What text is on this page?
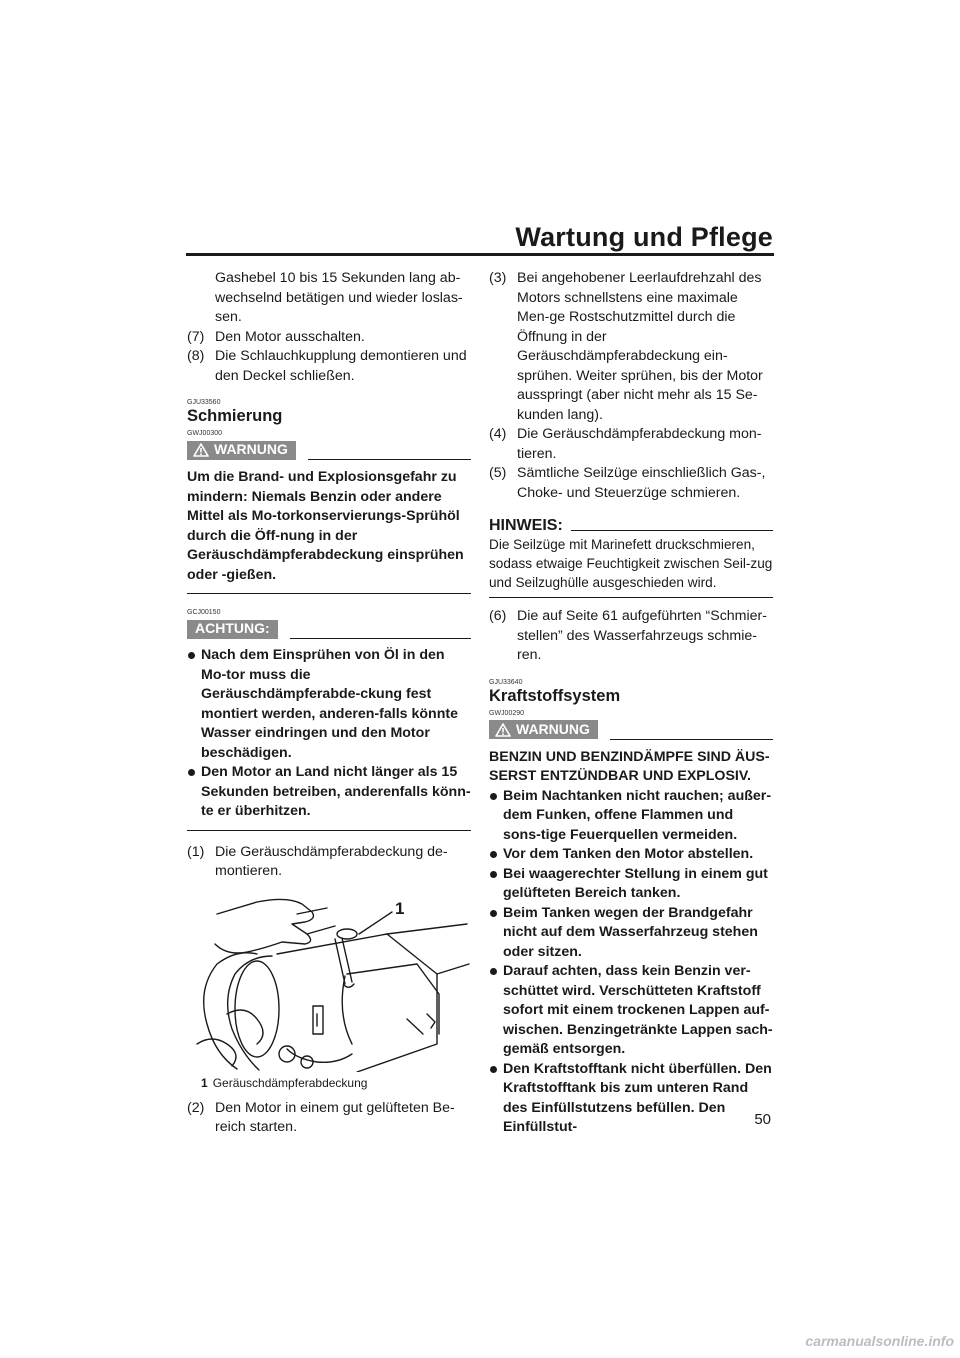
Wartung und Pflege

Gashebel 10 bis 15 Sekunden lang ab-wechselnd betätigen und wieder loslas-sen.

(7) Den Motor ausschalten.
(8) Die Schlauchkupplung demontieren und den Deckel schließen.
GJU33560
Schmierung
GWJ00300
WARNUNG

Um die Brand- und Explosionsgefahr zu mindern: Niemals Benzin oder andere Mittel als Mo-torkonservierungs-Sprühöl durch die Öff-nung in der Geräuschdämpferabdeckung einsprühen oder -gießen.

GCJ00150
ACHTUNG:

Nach dem Einsprühen von Öl in den Mo-tor muss die Geräuschdämpferabde-ckung fest montiert werden, anderen-falls könnte Wasser eindringen und den Motor beschädigen.

Den Motor an Land nicht länger als 15 Sekunden betreiben, anderenfalls könn-te er überhitzen.

(1) Die Geräuschdämpferabdeckung de-montieren.
1
1 Geräuschdämpferabdeckung
(2) Den Motor in einem gut gelüfteten Be-reich starten.
(3) Bei angehobener Leerlaufdrehzahl des Motors schnellstens eine maximale Men-ge Rostschutzmittel durch die Öffnung in der Geräuschdämpferabdeckung ein-sprühen. Weiter sprühen, bis der Motor ausspringt (aber nicht mehr als 15 Se-kunden lang).
(4) Die Geräuschdämpferabdeckung mon-tieren.
(5) Sämtliche Seilzüge einschließlich Gas-, Choke- und Steuerzüge schmieren.
HINWEIS:

Die Seilzüge mit Marinefett druckschmieren, sodass etwaige Feuchtigkeit zwischen Seil-zug und Seilzughülle ausgeschieden wird.

(6) Die auf Seite 61 aufgeführten “Schmier-stellen” des Wasserfahrzeugs schmie-ren.
GJU33640
Kraftstoffsystem
GWJ00290
WARNUNG

BENZIN UND BENZINDÄMPFE SIND ÄUS-SERST ENTZÜNDBAR UND EXPLOSIV.

Beim Nachtanken nicht rauchen; außer-dem Funken, offene Flammen und sons-tige Feuerquellen vermeiden.

Vor dem Tanken den Motor abstellen.

Bei waagerechter Stellung in einem gut gelüfteten Bereich tanken.

Beim Tanken wegen der Brandgefahr nicht auf dem Wasserfahrzeug stehen oder sitzen.

Darauf achten, dass kein Benzin ver-schüttet wird. Verschütteten Kraftstoff sofort mit einem trockenen Lappen auf-wischen. Benzingetränkte Lappen sach-gemäß entsorgen.

Den Kraftstofftank nicht überfüllen. Den Kraftstofftank bis zum unteren Rand des Einfüllstutzens befüllen. Den Einfüllstut-	50

carmanualsonline.info
